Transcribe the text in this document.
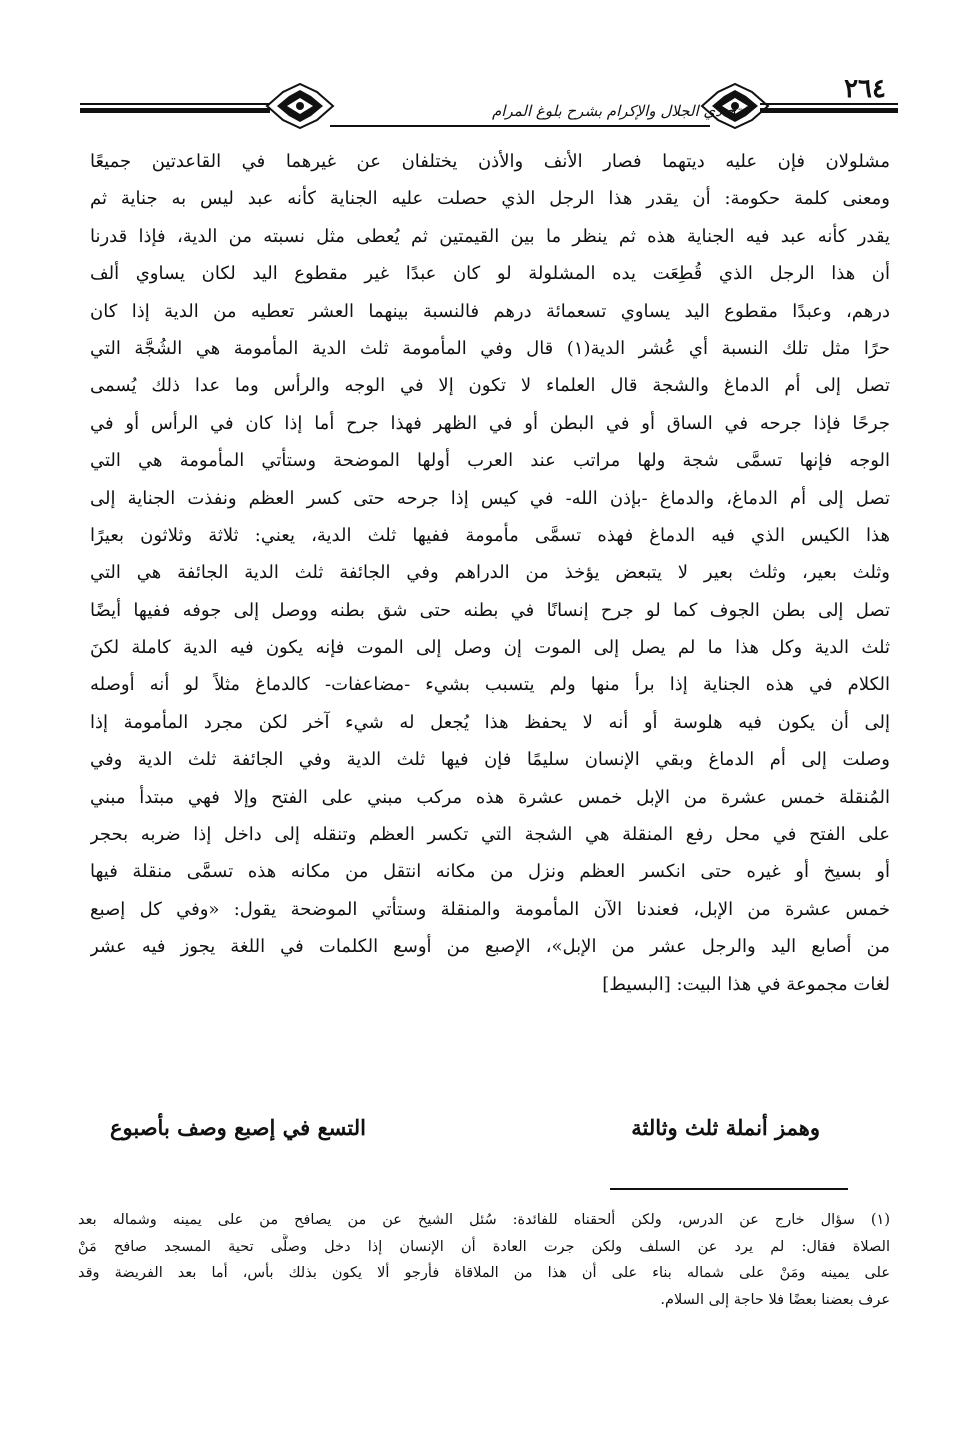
٢٦٤
فتح ذي الجلال والإكرام بشرح بلوغ المرام
مشلولان فإن عليه ديتهما فصار الأنف والأذن يختلفان عن غيرهما في القاعدتين جميعًا
ومعنى كلمة حكومة: أن يقدر هذا الرجل الذي حصلت عليه الجناية كأنه عبد ليس به جناية ثم
يقدر كأنه عبد فيه الجناية هذه ثم ينظر ما بين القيمتين ثم يُعطى مثل نسبته من الدية، فإذا قدرنا
أن هذا الرجل الذي قُطِعَت يده المشلولة لو كان عبدًا غير مقطوع اليد لكان يساوي ألف
درهم، وعبدًا مقطوع اليد يساوي تسعمائة درهم فالنسبة بينهما العشر تعطيه من الدية إذا كان
حرًا مثل تلك النسبة أي عُشر الدية(١) قال وفي المأمومة ثلث الدية المأمومة هي الشُجَّة التي
تصل إلى أم الدماغ والشجة قال العلماء لا تكون إلا في الوجه والرأس وما عدا ذلك يُسمى
جرحًا فإذا جرحه في الساق أو في البطن أو في الظهر فهذا جرح أما إذا كان في الرأس أو في
الوجه فإنها تسمَّى شجة ولها مراتب عند العرب أولها الموضحة وستأتي المأمومة هي التي
تصل إلى أم الدماغ، والدماغ -بإذن الله- في كيس إذا جرحه حتى كسر العظم ونفذت الجناية إلى
هذا الكيس الذي فيه الدماغ فهذه تسمَّى مأمومة ففيها ثلث الدية، يعني: ثلاثة وثلاثون بعيرًا
وثلث بعير، وثلث بعير لا يتبعض يؤخذ من الدراهم وفي الجائفة ثلث الدية الجائفة هي التي
تصل إلى بطن الجوف كما لو جرح إنسانًا في بطنه حتى شق بطنه ووصل إلى جوفه ففيها أيضًا
ثلث الدية وكل هذا ما لم يصل إلى الموت إن وصل إلى الموت فإنه يكون فيه الدية كاملة لكنَ
الكلام في هذه الجناية إذا برأ منها ولم يتسبب بشيء -مضاعفات- كالدماغ مثلاً لو أنه أوصله
إلى أن يكون فيه هلوسة أو أنه لا يحفظ هذا يُجعل له شيء آخر لكن مجرد المأمومة إذا
وصلت إلى أم الدماغ وبقي الإنسان سليمًا فإن فيها ثلث الدية وفي الجائفة ثلث الدية وفي
المُنقلة خمس عشرة من الإبل خمس عشرة هذه مركب مبني على الفتح وإلا فهي مبتدأ مبني
على الفتح في محل رفع المنقلة هي الشجة التي تكسر العظم وتنقله إلى داخل إذا ضربه بحجر
أو بسيخ أو غيره حتى انكسر العظم ونزل من مكانه انتقل من مكانه هذه تسمَّى منقلة فيها
خمس عشرة من الإبل، فعندنا الآن المأمومة والمنقلة وستأتي الموضحة يقول: «وفي كل إصبع
من أصابع اليد والرجل عشر من الإبل»، الإصبع من أوسع الكلمات في اللغة يجوز فيه عشر
لغات مجموعة في هذا البيت: [البسيط]
وهمز أنملة ثلث وثالثة
التسع في إصبع وصف بأصبوع
(١) سؤال خارج عن الدرس، ولكن ألحقناه للفائدة: سُئل الشيخ عن من يصافح من على يمينه وشماله بعد
الصلاة فقال: لم يرد عن السلف ولكن جرت العادة أن الإنسان إذا دخل وصلَّى تحية المسجد صافح مَنْ
على يمينه ومَنْ على شماله بناء على أن هذا من الملاقاة فأرجو ألا يكون بذلك بأس، أما بعد الفريضة وقد
عرف بعضنا بعضًا فلا حاجة إلى السلام.
